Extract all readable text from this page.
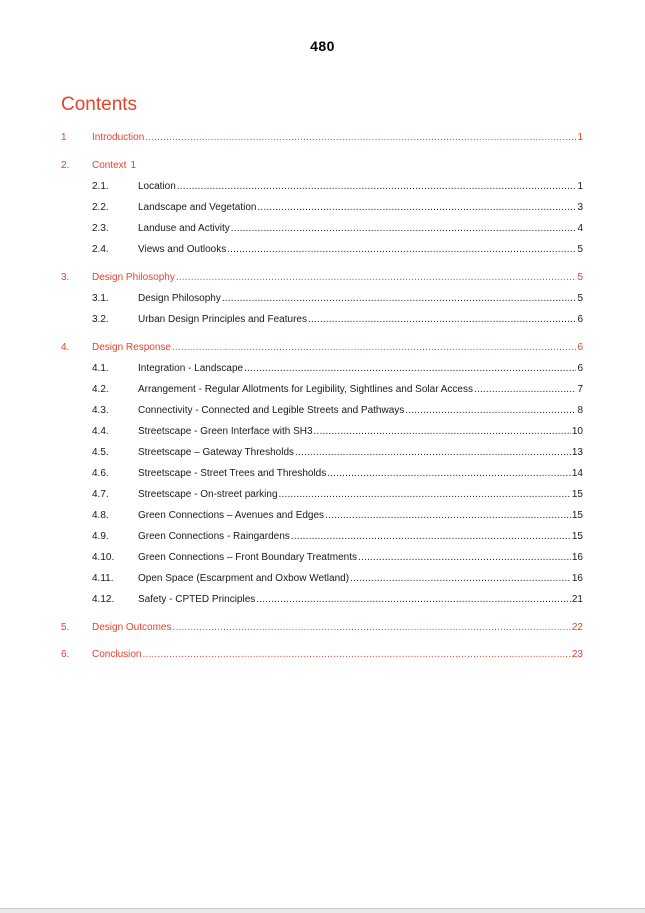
480
Contents
1	Introduction .....	1
2. Context 1
2.1.	Location .....	1
2.2.	Landscape and Vegetation .....	3
2.3.	Landuse and Activity .....	4
2.4.	Views and Outlooks .....	5
3. Design Philosophy .....	5
3.1.	Design Philosophy .....	5
3.2.	Urban Design Principles and Features .....	6
4. Design Response .....	6
4.1.	Integration - Landscape .....	6
4.2.	Arrangement - Regular Allotments for Legibility, Sightlines and Solar Access .....	7
4.3.	Connectivity - Connected and Legible Streets and Pathways .....	8
4.4.	Streetscape - Green Interface with SH3 .....	10
4.5.	Streetscape – Gateway Thresholds .....	13
4.6.	Streetscape - Street Trees and Thresholds .....	14
4.7.	Streetscape - On-street parking .....	15
4.8.	Green Connections – Avenues and Edges .....	15
4.9.	Green Connections - Raingardens .....	15
4.10. Green Connections – Front Boundary Treatments .....	16
4.11. Open Space (Escarpment and Oxbow Wetland) .....	16
4.12. Safety - CPTED Principles .....	21
5. Design Outcomes .....	22
6. Conclusion .....	23
